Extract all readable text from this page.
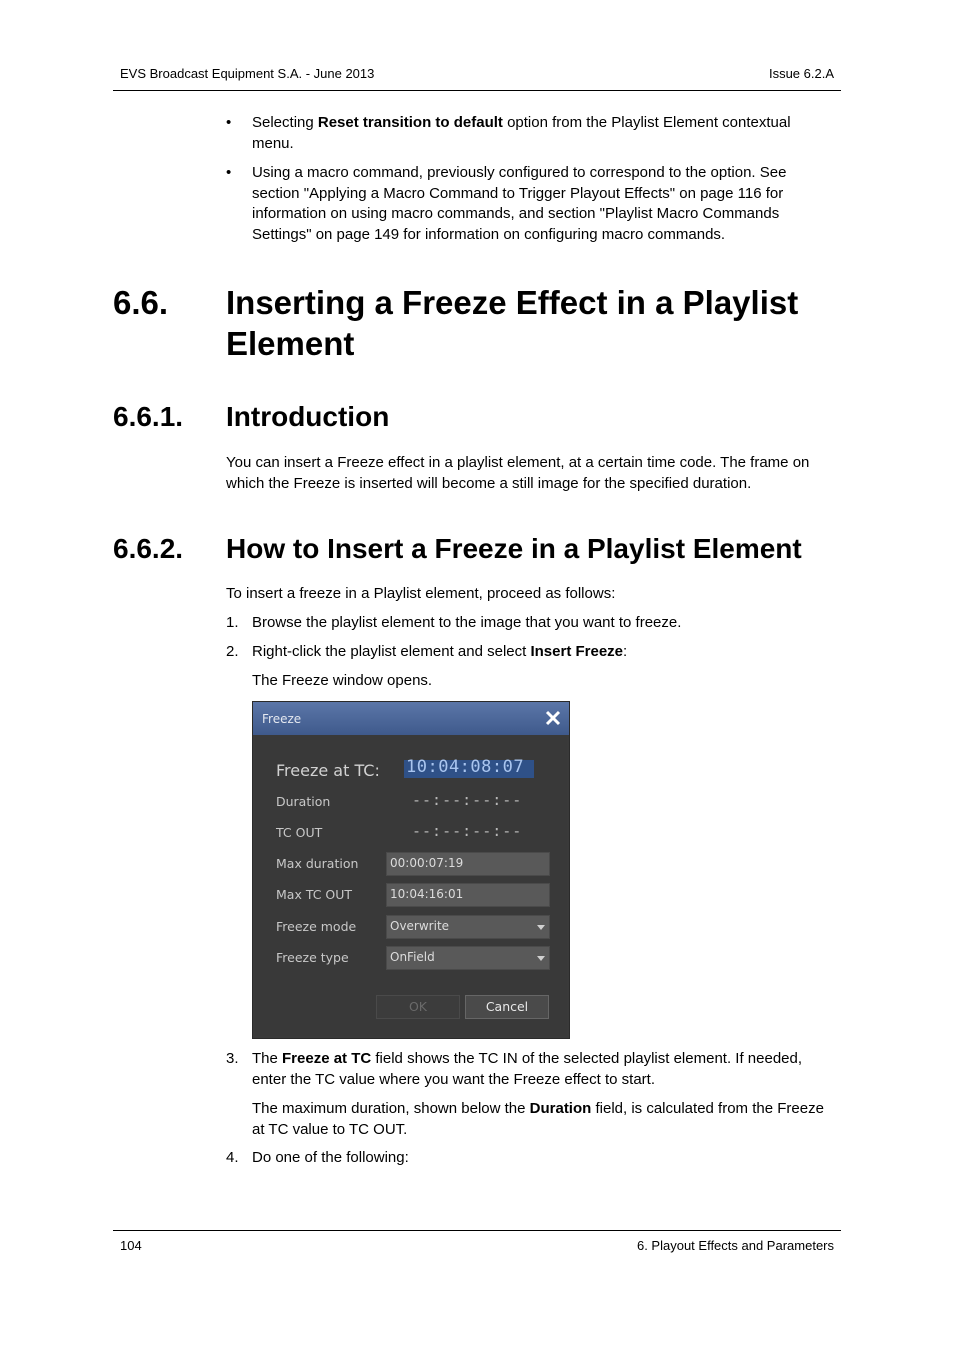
EVS Broadcast Equipment S.A. - June 2013	Issue 6.2.A
• Selecting Reset transition to default option from the Playlist Element contextual menu.
• Using a macro command, previously configured to correspond to the option. See section "Applying a Macro Command to Trigger Playout Effects" on page 116 for information on using macro commands, and section "Playlist Macro Commands Settings" on page 149 for information on configuring macro commands.
6.6. Inserting a Freeze Effect in a Playlist
Element
6.6.1. Introduction
You can insert a Freeze effect in a playlist element, at a certain time code. The frame on which the Freeze is inserted will become a still image for the specified duration.
6.6.2. How to Insert a Freeze in a Playlist Element
To insert a freeze in a Playlist element, proceed as follows:
1. Browse the playlist element to the image that you want to freeze.
2. Right-click the playlist element and select Insert Freeze:
The Freeze window opens.
Freeze
Freeze at TC: 10:04:08:07
Duration	--:--:--:--
TC OUT	--:--:--:--
Max duration	00:00:07:19
Max TC OUT	10:04:16:01
Freeze mode	Overwrite
Freeze type	OnField
OK	Cancel
3. The Freeze at TC field shows the TC IN of the selected playlist element. If needed, enter the TC value where you want the Freeze effect to start.
The maximum duration, shown below the Duration field, is calculated from the Freeze at TC value to TC OUT.
4. Do one of the following:
104	6. Playout Effects and Parameters
